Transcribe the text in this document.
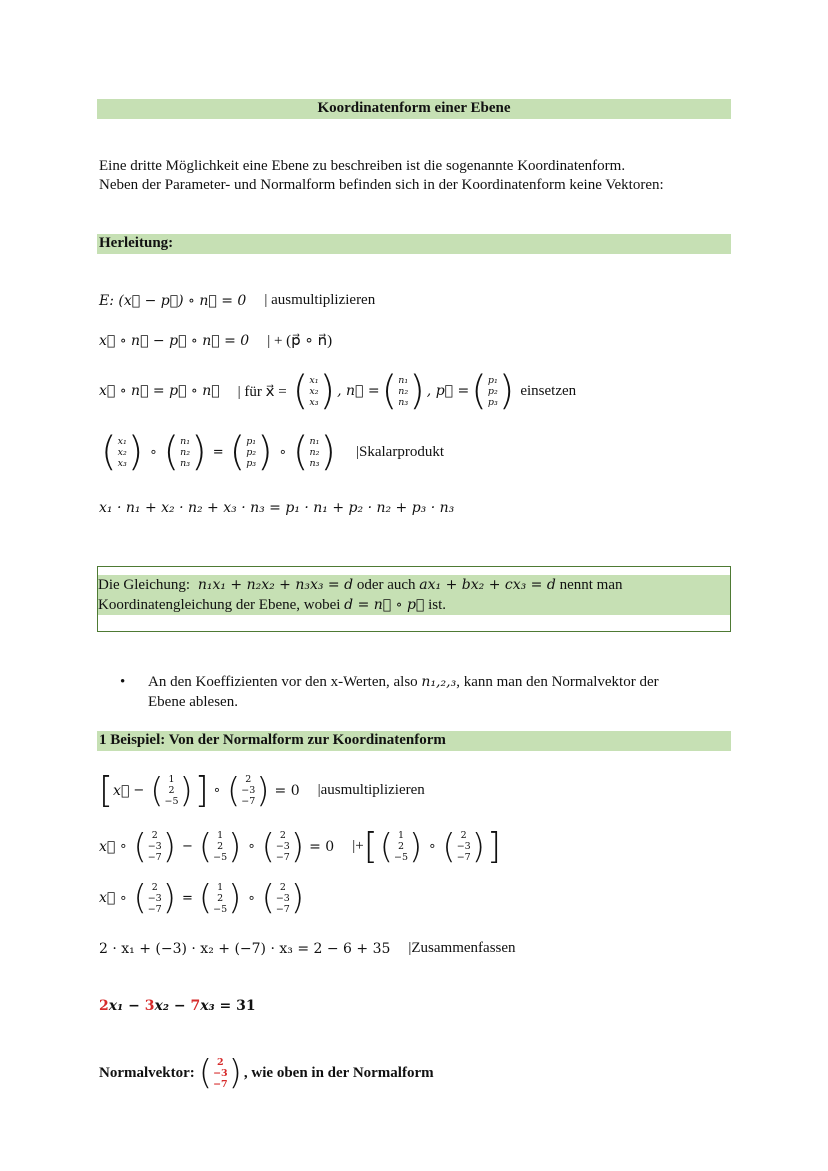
Koordinatenform einer Ebene

Eine dritte Möglichkeit eine Ebene zu beschreiben ist die sogenannte Koordinatenform.

Neben der Parameter- und Normalform befinden sich in der Koordinatenform keine Vektoren:

Herleitung:
E: (x⃗ − p⃗) ∘ n⃗ = 0 | ausmultiplizieren
x⃗ ∘ n⃗ − p⃗ ∘ n⃗ = 0 | + (p⃗ ∘ n⃗)
x⃗ ∘ n⃗ = p⃗ ∘ n⃗ | für x⃗ = ( x₁
x₂
x₃ ) , n⃗ = ( n₁
n₂
n₃ ) , p⃗ = ( p₁
p₂
p₃ ) einsetzen
( x₁
x₂
x₃ ) ∘ ( n₁
n₂
n₃ ) = ( p₁
p₂
p₃ ) ∘ ( n₁
n₂
n₃ ) |Skalarprodukt
x₁ · n₁ + x₂ · n₂ + x₃ · n₃ = p₁ · n₁ + p₂ · n₂ + p₃ · n₃
Die Gleichung: n₁x₁ + n₂x₂ + n₃x₃ = d oder auch ax₁ + bx₂ + cx₃ = d nennt man
Koordinatengleichung der Ebene, wobei d = n⃗ ∘ p⃗ ist.
• An den Koeffizienten vor den x-Werten, also n₁,₂,₃, kann man den Normalvektor der
Ebene ablesen.
1 Beispiel: Von der Normalform zur Koordinatenform
[ x⃗ − ( 1
2
−5 ) ] ∘ ( 2
−3
−7 ) = 0 |ausmultiplizieren
x⃗ ∘ ( 2
−3
−7 ) − ( 1
2
−5 ) ∘ ( 2
−3
−7 ) = 0 |+ [ ( 1
2
−5 ) ∘ ( 2
−3
−7 ) ]
x⃗ ∘ ( 2
−3
−7 ) = ( 1
2
−5 ) ∘ ( 2
−3
−7 )
2 · x₁ + (−3) · x₂ + (−7) · x₃ = 2 − 6 + 35 |Zusammenfassen
2 x₁ − 3 x₂ − 7 x₃ = 31
Normalvektor: ( 2
−3
−7 ) , wie oben in der Normalform
